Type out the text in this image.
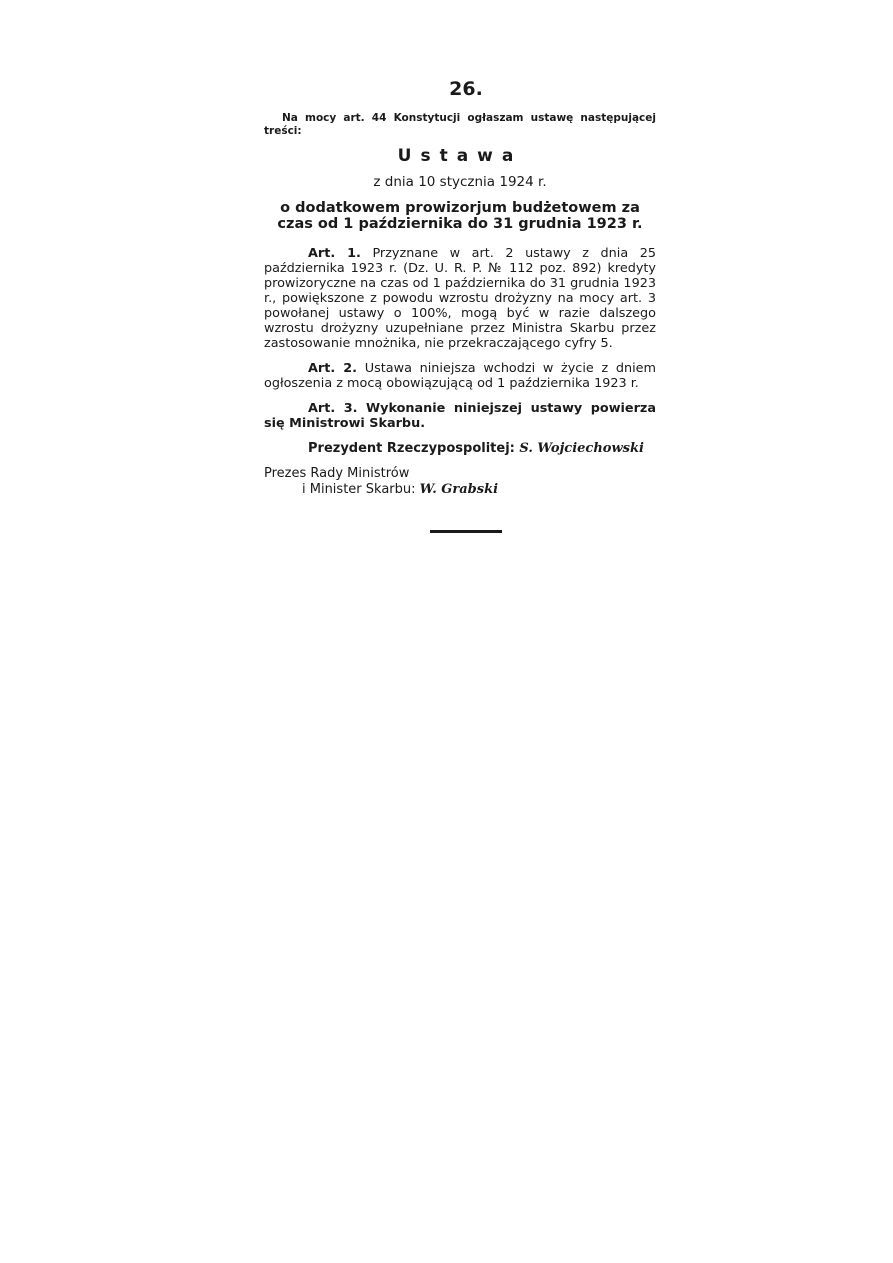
26.

Na mocy art. 44 Konstytucji ogłaszam ustawę następującej treści:

Ustawa
z dnia 10 stycznia 1924 r.
o dodatkowem prowizorjum budżetowem za czas od 1 października do 31 grudnia 1923 r.

Art. 1. Przyznane w art. 2 ustawy z dnia 25 października 1923 r. (Dz. U. R. P. № 112 poz. 892) kredyty prowizoryczne na czas od 1 października do 31 grudnia 1923 r., powiększone z powodu wzrostu drożyzny na mocy art. 3 powołanej ustawy o 100%, mogą być w razie dalszego wzrostu drożyzny uzupełniane przez Ministra Skarbu przez zastosowanie mnożnika, nie przekraczającego cyfry 5.

Art. 2. Ustawa niniejsza wchodzi w życie z dniem ogłoszenia z mocą obowiązującą od 1 października 1923 r.

Art. 3. Wykonanie niniejszej ustawy powierza się Ministrowi Skarbu.

Prezydent Rzeczypospolitej: S. Wojciechowski
Prezes Rady Ministrów
i Minister Skarbu: W. Grabski
